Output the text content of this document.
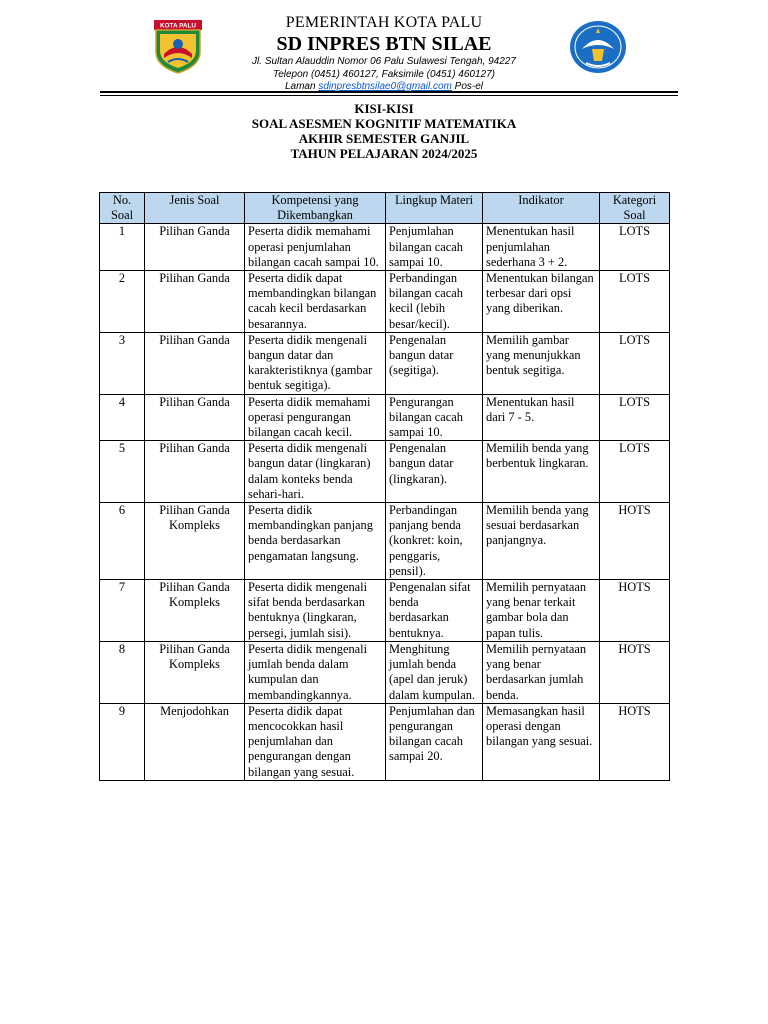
KOTA PALU	PEMERINTAH KOTA PALU
SD INPRES BTN SILAE
Jl. Sultan Alauddin Nomor 06 Palu Sulawesi Tengah, 94227
Telepon (0451) 460127, Faksimile (0451) 460127)
Laman sdinpresbtnsilae0@gmail.com Pos-el
KISI-KISI
SOAL ASESMEN KOGNITIF MATEMATIKA
AKHIR SEMESTER GANJIL
TAHUN PELAJARAN 2024/2025
No. Soal	Jenis Soal	Kompetensi yang Dikembangkan	Lingkup Materi	Indikator	Kategori Soal
1	Pilihan Ganda	Peserta didik memahami operasi penjumlahan bilangan cacah sampai 10.	Penjumlahan bilangan cacah sampai 10.	Menentukan hasil penjumlahan sederhana 3 + 2.	LOTS
2	Pilihan Ganda	Peserta didik dapat membandingkan bilangan cacah kecil berdasarkan besarannya.	Perbandingan bilangan cacah kecil (lebih besar/kecil).	Menentukan bilangan terbesar dari opsi yang diberikan.	LOTS
3	Pilihan Ganda	Peserta didik mengenali bangun datar dan karakteristiknya (gambar bentuk segitiga).	Pengenalan bangun datar (segitiga).	Memilih gambar yang menunjukkan bentuk segitiga.	LOTS
4	Pilihan Ganda	Peserta didik memahami operasi pengurangan bilangan cacah kecil.	Pengurangan bilangan cacah sampai 10.	Menentukan hasil dari 7 - 5.	LOTS
5	Pilihan Ganda	Peserta didik mengenali bangun datar (lingkaran) dalam konteks benda sehari-hari.	Pengenalan bangun datar (lingkaran).	Memilih benda yang berbentuk lingkaran.	LOTS
6	Pilihan Ganda Kompleks	Peserta didik membandingkan panjang benda berdasarkan pengamatan langsung.	Perbandingan panjang benda (konkret: koin, penggaris, pensil).	Memilih benda yang sesuai berdasarkan panjangnya.	HOTS
7	Pilihan Ganda Kompleks	Peserta didik mengenali sifat benda berdasarkan bentuknya (lingkaran, persegi, jumlah sisi).	Pengenalan sifat benda berdasarkan bentuknya.	Memilih pernyataan yang benar terkait gambar bola dan papan tulis.	HOTS
8	Pilihan Ganda Kompleks	Peserta didik mengenali jumlah benda dalam kumpulan dan membandingkannya.	Menghitung jumlah benda (apel dan jeruk) dalam kumpulan.	Memilih pernyataan yang benar berdasarkan jumlah benda.	HOTS
9	Menjodohkan	Peserta didik dapat mencocokkan hasil penjumlahan dan pengurangan dengan bilangan yang sesuai.	Penjumlahan dan pengurangan bilangan cacah sampai 20.	Memasangkan hasil operasi dengan bilangan yang sesuai.	HOTS
